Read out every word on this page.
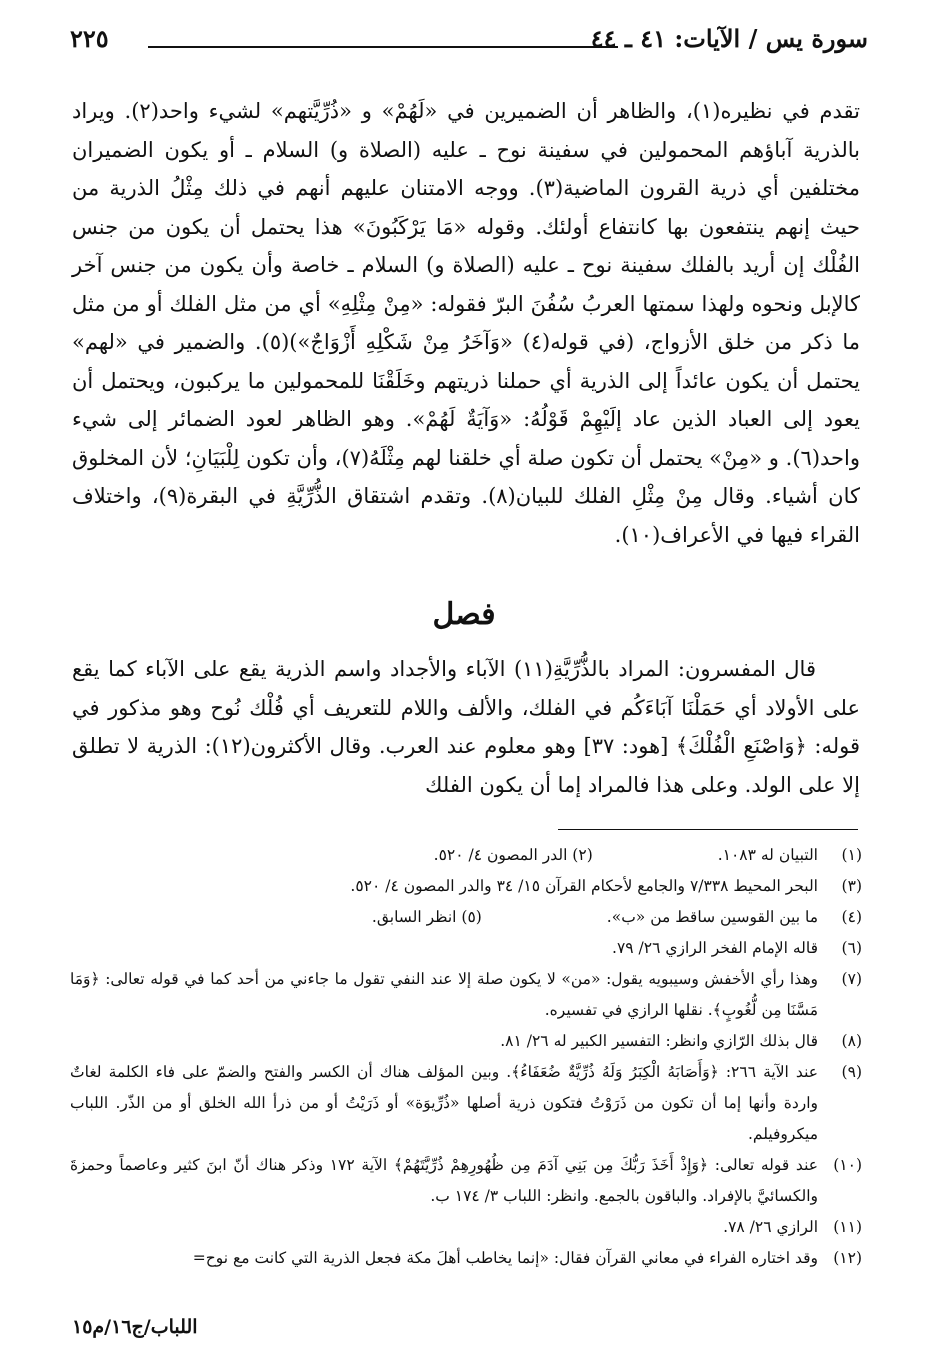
سورة يس / الآيات: ٤١ ـ ٤٤
٢٢٥

تقدم في نظيره(١)، والظاهر أن الضميرين في «لَهُمْ» و «ذُرِّيَّتهم» لشيء واحد(٢). ويراد بالذرية آباؤهم المحمولين في سفينة نوح ـ عليه (الصلاة و) السلام ـ أو يكون الضميران مختلفين أي ذرية القرون الماضية(٣). ووجه الامتنان عليهم أنهم في ذلك مِثْلُ الذرية من حيث إنهم ينتفعون بها كانتفاع أولئك. وقوله «مَا يَرْكَبُونَ» هذا يحتمل أن يكون من جنس الفُلْك إن أريد بالفلك سفينة نوح ـ عليه (الصلاة و) السلام ـ خاصة وأن يكون من جنس آخر كالإبل ونحوه ولهذا سمتها العربُ سُفُنَ البرّ فقوله: «مِنْ مِثْلِهِ» أي من مثل الفلك أو من مثل ما ذكر من خلق الأزواج، (في قوله(٤) «وَآخَرُ مِنْ شَكْلِهِ أَزْوَاجٌ»)(٥). والضمير في «لهم» يحتمل أن يكون عائداً إلى الذرية أي حملنا ذريتهم وخَلَقْنَا للمحمولين ما يركبون، ويحتمل أن يعود إلى العباد الذين عاد إلَيْهِمْ قَوْلُهُ: «وَآيَةٌ لَهُمْ». وهو الظاهر لعود الضمائر إلى شيء واحد(٦). و «مِنْ» يحتمل أن تكون صلة أي خلقنا لهم مِثْلَهُ(٧)، وأن تكون لِلْبَيَانِ؛ لأن المخلوق كان أشياء. وقال مِنْ مِثْلِ الفلك للبيان(٨). وتقدم اشتقاق الذُّرِّيَّةِ في البقرة(٩)، واختلاف القراء فيها في الأعراف(١٠).

فصل

قال المفسرون: المراد بالذُّرِّيَّةِ(١١) الآباء والأجداد واسم الذرية يقع على الآباء كما يقع على الأولاد أي حَمَلْنَا آبَاءَكُم في الفلك، والألف واللام للتعريف أي فُلْك نُوح وهو مذكور في قوله: ﴿وَاصْنَعِ الْفُلْكَ﴾ [هود: ٣٧] وهو معلوم عند العرب. وقال الأكثرون(١٢): الذرية لا تطلق إلا على الولد. وعلى هذا فالمراد إما أن يكون الفلك

(١)
التبيان له ١٠٨٣. (٢) الدر المصون ٤/ ٥٢٠.
(٣)
البحر المحيط ٧/٣٣٨ والجامع لأحكام القرآن ١٥/ ٣٤ والدر المصون ٤/ ٥٢٠.
(٤)
ما بين القوسين ساقط من «ب». (٥) انظر السابق.
(٦)
قاله الإمام الفخر الرازي ٢٦/ ٧٩.
(٧)
وهذا رأي الأخفش وسيبويه يقول: «من» لا يكون صلة إلا عند النفي تقول ما جاءني من أحد كما في قوله تعالى: ﴿وَمَا مَسَّنَا مِن لُّغُوبٍ﴾. نقلها الرازي في تفسيره.
(٨)
قال بذلك الرّازي وانظر: التفسير الكبير له ٢٦/ ٨١.
(٩)
عند الآية ٢٦٦: ﴿وَأَصَابَهُ الْكِبَرُ وَلَهُ ذُرِّيَّةٌ ضُعَفَاءُ﴾. وبين المؤلف هناك أن الكسر والفتح والضمّ على فاء الكلمة لغاتٌ واردة وأنها إما أن تكون من ذَرَوْتُ فتكون ذرية أصلها «ذُرِّيوَة» أو ذَرَيْتُ أو من ذرأ الله الخلق أو من الذّر. اللباب ميكروفيلم.
(١٠)
عند قوله تعالى: ﴿وَإِذْ أَخَذَ رَبُّكَ مِن بَنِي آدَمَ مِن ظُهُورِهِمْ ذُرِّيَّتَهُمْ﴾ الآية ١٧٢ وذكر هناك أنّ ابنَ كثير وعاصماً وحمزةَ والكسائيَّ بالإفراد. والباقون بالجمع. وانظر: اللباب ٣/ ١٧٤ ب.
(١١)
الرازي ٢٦/ ٧٨.
(١٢)
وقد اختاره الفراء في معاني القرآن فقال: «إنما يخاطب أهلَ مكة فجعل الذرية التي كانت مع نوح=
اللباب/ج١٦/م١٥
